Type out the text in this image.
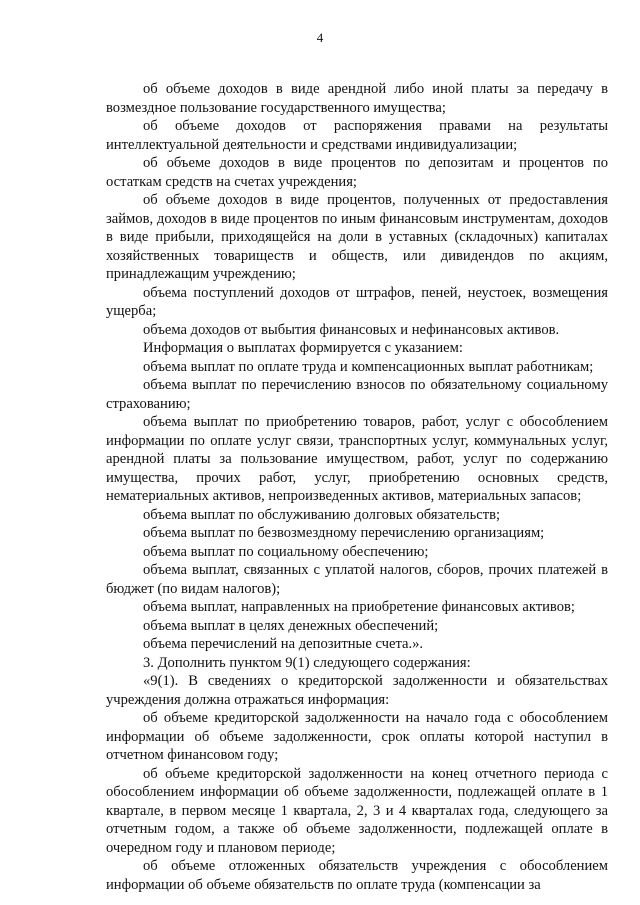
4

об объеме доходов в виде арендной либо иной платы за передачу в возмездное пользование государственного имущества;

об объеме доходов от распоряжения правами на результаты интеллектуальной деятельности и средствами индивидуализации;

об объеме доходов в виде процентов по депозитам и процентов по остаткам средств на счетах учреждения;

об объеме доходов в виде процентов, полученных от предоставления займов, доходов в виде процентов по иным финансовым инструментам, доходов в виде прибыли, приходящейся на доли в уставных (складочных) капиталах хозяйственных товариществ и обществ, или дивидендов по акциям, принадлежащим учреждению;

объема поступлений доходов от штрафов, пеней, неустоек, возмещения ущерба;

объема доходов от выбытия финансовых и нефинансовых активов.

Информация о выплатах формируется с указанием:

объема выплат по оплате труда и компенсационных выплат работникам;

объема выплат по перечислению взносов по обязательному социальному страхованию;

объема выплат по приобретению товаров, работ, услуг с обособлением информации по оплате услуг связи, транспортных услуг, коммунальных услуг, арендной платы за пользование имуществом, работ, услуг по содержанию имущества, прочих работ, услуг, приобретению основных средств, нематериальных активов, непроизведенных активов, материальных запасов;

объема выплат по обслуживанию долговых обязательств;

объема выплат по безвозмездному перечислению организациям;

объема выплат по социальному обеспечению;

объема выплат, связанных с уплатой налогов, сборов, прочих платежей в бюджет (по видам налогов);

объема выплат, направленных на приобретение финансовых активов;

объема выплат в целях денежных обеспечений;

объема перечислений на депозитные счета.».

3. Дополнить пунктом 9(1) следующего содержания:

«9(1). В сведениях о кредиторской задолженности и обязательствах учреждения должна отражаться информация:

об объеме кредиторской задолженности на начало года с обособлением информации об объеме задолженности, срок оплаты которой наступил в отчетном финансовом году;

об объеме кредиторской задолженности на конец отчетного периода с обособлением информации об объеме задолженности, подлежащей оплате в 1 квартале, в первом месяце 1 квартала, 2, 3 и 4 кварталах года, следующего за отчетным годом, а также об объеме задолженности, подлежащей оплате в очередном году и плановом периоде;

об объеме отложенных обязательств учреждения с обособлением информации об объеме обязательств по оплате труда (компенсации за
